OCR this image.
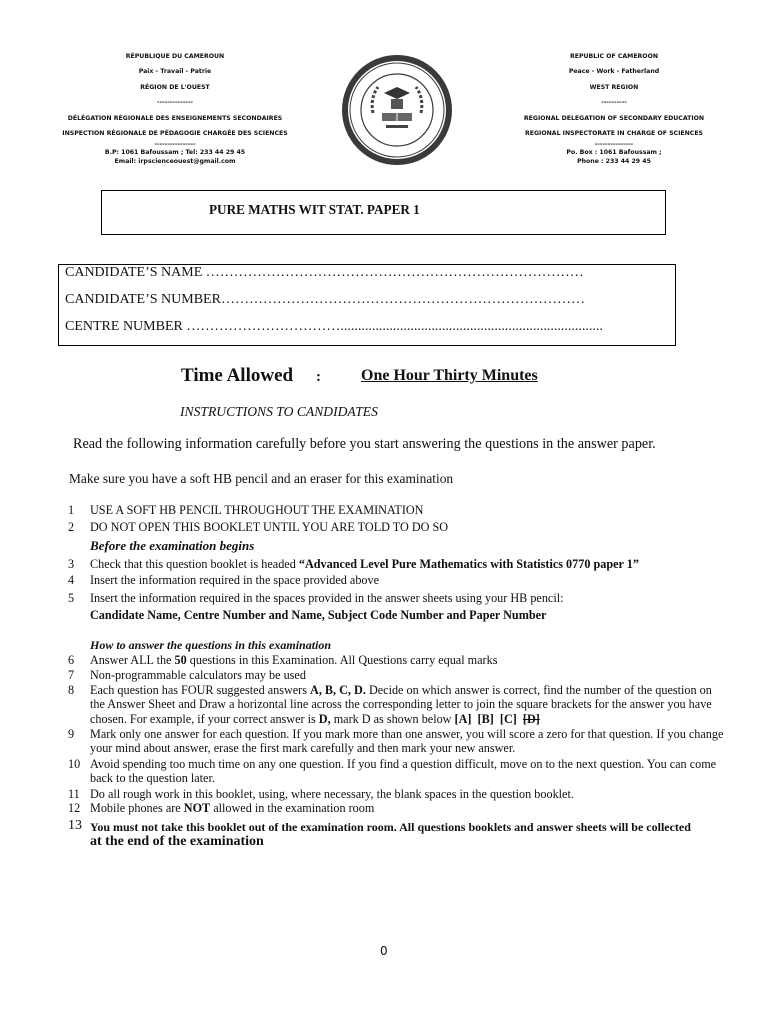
RÉPUBLIQUE DU CAMEROUN
Paix - Travail - Patrie
RÉGION DE L'OUEST
--------------
DÉLÉGATION RÉGIONALE DES ENSEIGNEMENTS SECONDAIRES
INSPECTION RÉGIONALE DE PÉDAGOGIE CHARGÉE DES SCIENCES
----------------
B.P: 1061 Bafoussam ; Tel: 233 44 29 45
Email: irpscienceouest@gmail.com
PURE MATHS WIT STAT. PAPER 1
CANDIDATE’S NAME ………………………………………………………………………
CANDIDATE’S NUMBER……………………………………………………………………
CENTRE NUMBER ……………………………...........................................................................
Time Allowed :	One Hour Thirty Minutes
INSTRUCTIONS TO CANDIDATES
Read the following information carefully before you start answering the questions in the answer paper.
Make sure you have a soft HB pencil and an eraser for this examination
1 USE A SOFT HB PENCIL THROUGHOUT THE EXAMINATION
2 DO NOT OPEN THIS BOOKLET UNTIL YOU ARE TOLD TO DO SO
Before the examination begins
3 Check that this question booklet is headed “Advanced Level Pure Mathematics with Statistics 0770 paper 1”
4 Insert the information required in the space provided above
5 Insert the information required in the spaces provided in the answer sheets using your HB pencil:
Candidate Name, Centre Number and Name, Subject Code Number and Paper Number
How to answer the questions in this examination
6 Answer ALL the 50 questions in this Examination. All Questions carry equal marks
7 Non-programmable calculators may be used
8 Each question has FOUR suggested answers A, B, C, D. Decide on which answer is correct, find the number of the question on the Answer Sheet and Draw a horizontal line across the corresponding letter to join the square brackets for the answer you have chosen. For example, if your correct answer is D, mark D as shown below [A] [B] [C] [D]
9 Mark only one answer for each question. If you mark more than one answer, you will score a zero for that question. If you change your mind about answer, erase the first mark carefully and then mark your new answer.
10 Avoid spending too much time on any one question. If you find a question difficult, move on to the next question. You can come back to the question later.
11 Do all rough work in this booklet, using, where necessary, the blank spaces in the question booklet.
12 Mobile phones are NOT allowed in the examination room
13 You must not take this booklet out of the examination room. All questions booklets and answer sheets will be collected
at the end of the examination
0
REPUBLIC OF CAMEROON
Peace - Work - Fatherland
WEST REGION
----------
REGIONAL DELEGATION OF SECONDARY EDUCATION
REGIONAL INSPECTORATE IN CHARGE OF SCIENCES
---------------
Po. Box : 1061 Bafoussam ;
Phone : 233 44 29 45
